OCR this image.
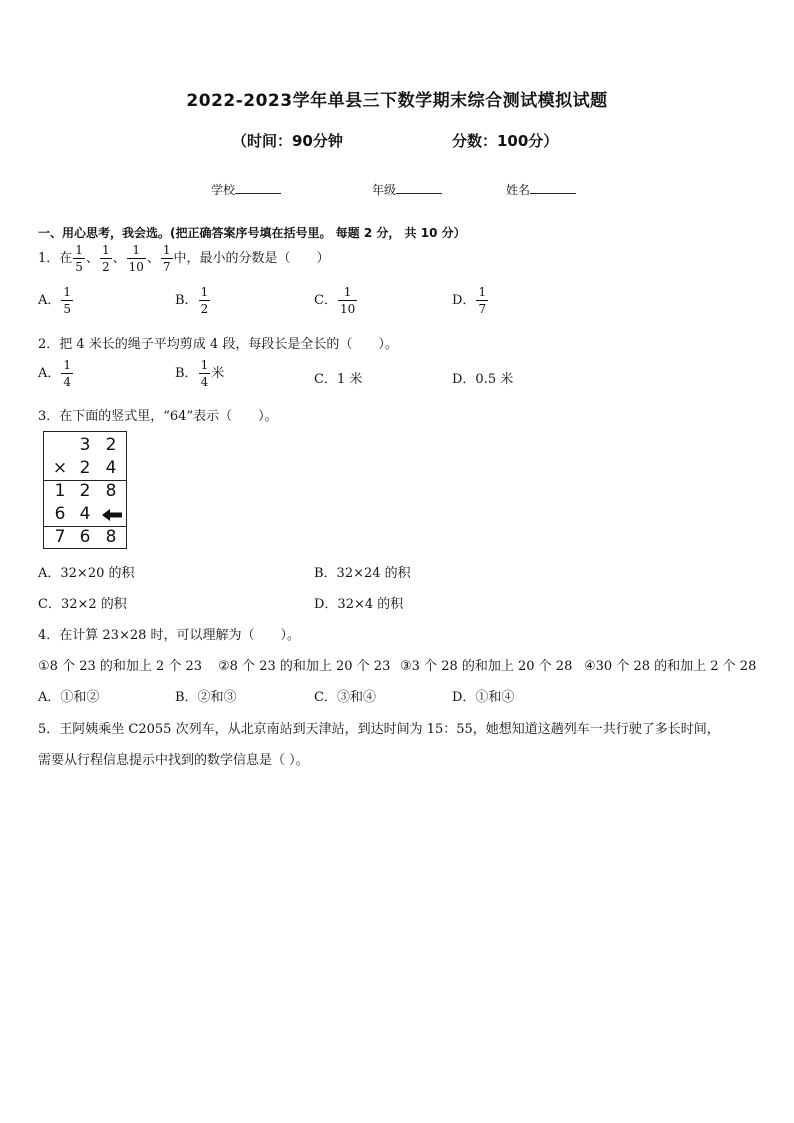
2022-2023学年单县三下数学期末综合测试模拟试题
（时间：90分钟	分数：100分）
学校	年级	姓名
一、用心思考，我会选。(把正确答案序号填在括号里。 每题 2 分， 共 10 分）
1．在 $\frac{1}{5}$ 、 $\frac{1}{2}$ 、 $\frac{1}{10}$ 、 $\frac{1}{7}$ 中，最小的分数是（　　）
A． $\frac{1}{5}$	B． $\frac{1}{2}$	C． $\frac{1}{10}$	D． $\frac{1}{7}$
2．把 4 米长的绳子平均剪成 4 段，每段长是全长的（　　）。
A． $\frac{1}{4}$	B． $\frac{1}{4}$ 米	C．1 米	D．0.5 米
3．在下面的竖式里，“64”表示（　　）。
3 2
× 2 4
1 2 8
6 4
7 6 8
A．32×20 的积	B．32×24 的积
C．32×2 的积	D．32×4 的积
4．在计算 23×28 时，可以理解为（　　）。
①8 个 23 的和加上 2 个 23 ②8 个 23 的和加上 20 个 23 ③3 个 28 的和加上 20 个 28 ④30 个 28 的和加上 2 个 28
A．①和②	B．②和③	C．③和④	D．①和④
5．王阿姨乘坐 C2055 次列车，从北京南站到天津站，到达时间为 15：55，她想知道这趟列车一共行驶了多长时间，
需要从行程信息提示中找到的数学信息是（ ）。
